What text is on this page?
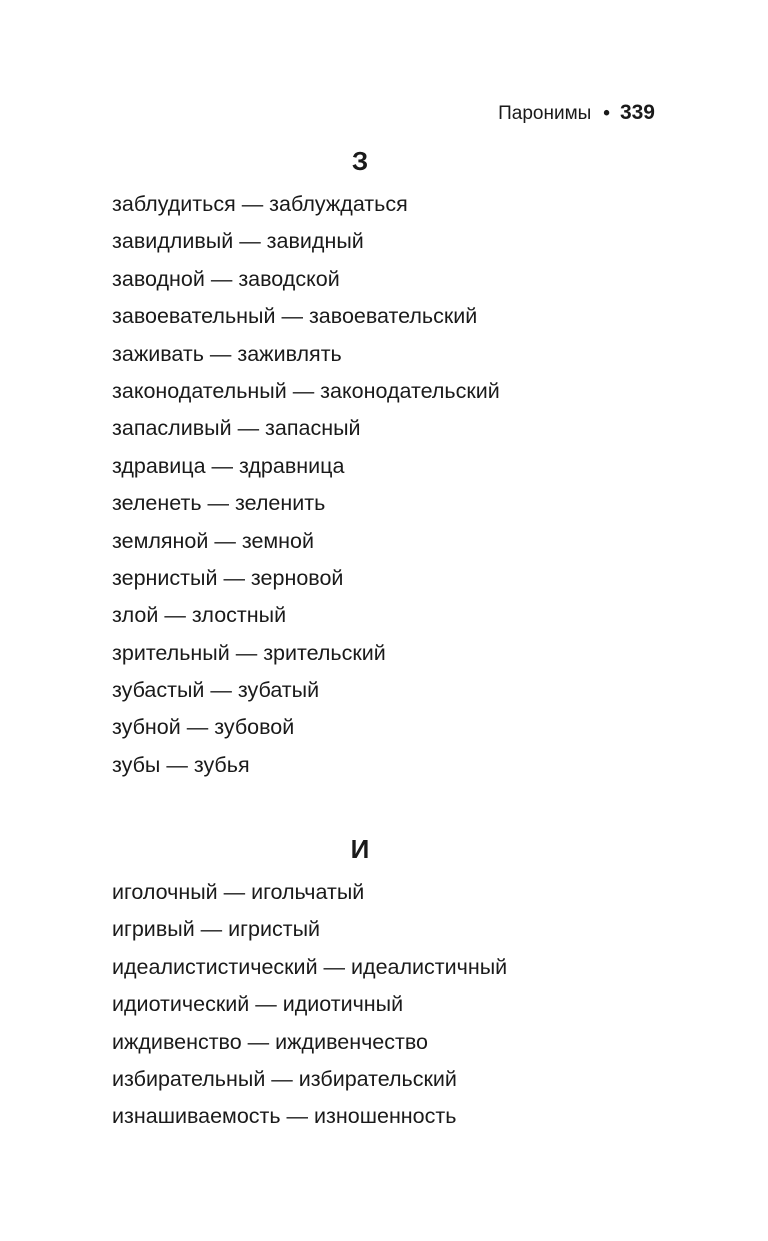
Паронимы • 339
З
заблудиться — заблуждаться
завидливый — завидный
заводной — заводской
завоевательный — завоевательский
заживать — заживлять
законодательный — законодательский
запасливый — запасный
здравица — здравница
зеленеть — зеленить
земляной — земной
зернистый — зерновой
злой — злостный
зрительный — зрительский
зубастый — зубатый
зубной — зубовой
зубы — зубья
И
иголочный — игольчатый
игривый — игристый
идеалистистический — идеалистичный
идиотический — идиотичный
иждивенство — иждивенчество
избирательный — избирательский
изнашиваемость — изношенность
